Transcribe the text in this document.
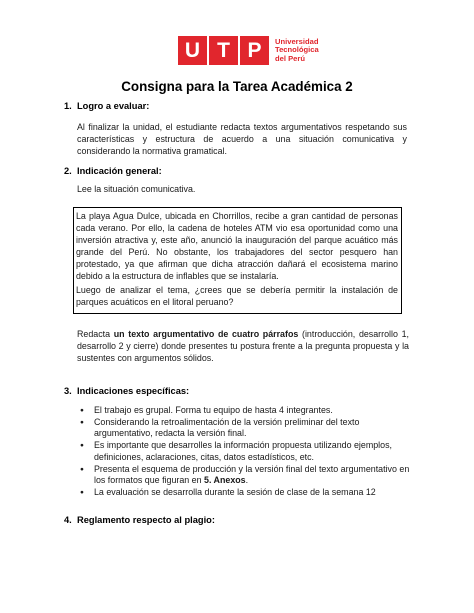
U T P	Universidad
Tecnológica
del Perú
Consigna para la Tarea Académica 2
1. Logro a evaluar:
Al finalizar la unidad, el estudiante redacta textos argumentativos respetando sus características y estructura de acuerdo a una situación comunicativa y considerando la normativa gramatical.
2. Indicación general:
Lee la situación comunicativa.
La playa Agua Dulce, ubicada en Chorrillos, recibe a gran cantidad de personas cada verano. Por ello, la cadena de hoteles ATM vio esa oportunidad como una inversión atractiva y, este año, anunció la inauguración del parque acuático más grande del Perú. No obstante, los trabajadores del sector pesquero han protestado, ya que afirman que dicha atracción dañará el ecosistema marino debido a la estructura de inflables que se instalaría.
Luego de analizar el tema, ¿crees que se debería permitir la instalación de parques acuáticos en el litoral peruano?
Redacta un texto argumentativo de cuatro párrafos (introducción, desarrollo 1, desarrollo 2 y cierre) donde presentes tu postura frente a la pregunta propuesta y la sustentes con argumentos sólidos.
3. Indicaciones específicas:
● El trabajo es grupal. Forma tu equipo de hasta 4 integrantes.
● Considerando la retroalimentación de la versión preliminar del texto argumentativo, redacta la versión final.
● Es importante que desarrolles la información propuesta utilizando ejemplos, definiciones, aclaraciones, citas, datos estadísticos, etc.
● Presenta el esquema de producción y la versión final del texto argumentativo en los formatos que figuran en 5. Anexos.
● La evaluación se desarrolla durante la sesión de clase de la semana 12
4. Reglamento respecto al plagio:
